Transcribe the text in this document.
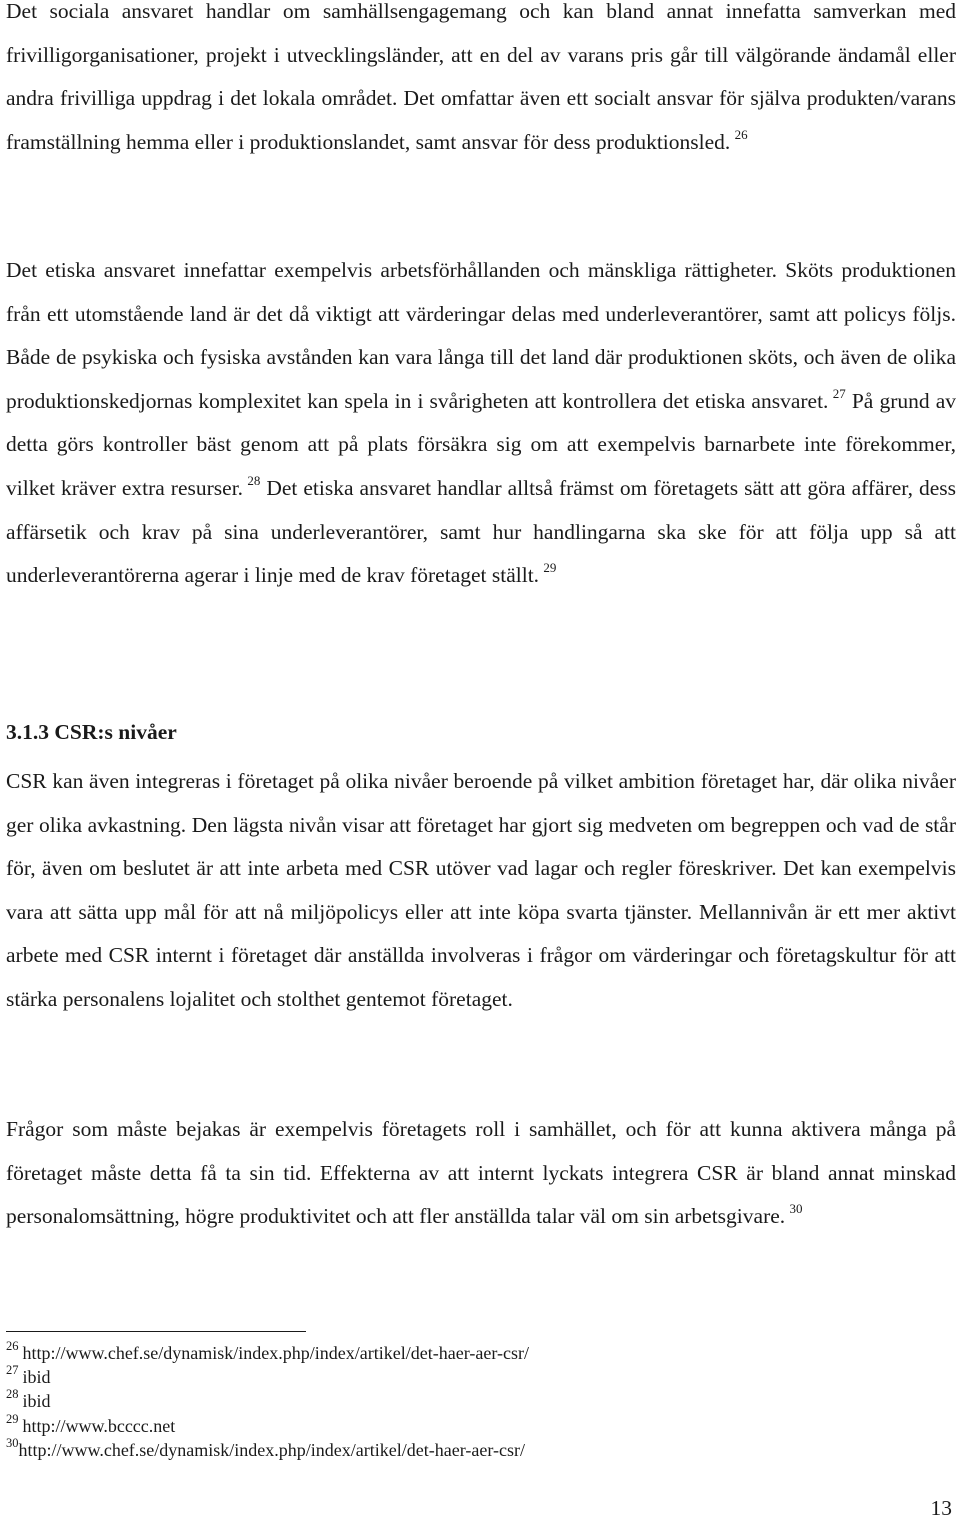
Det sociala ansvaret handlar om samhällsengagemang och kan bland annat innefatta samverkan med frivilligorganisationer, projekt i utvecklingsländer, att en del av varans pris går till välgörande ändamål eller andra frivilliga uppdrag i det lokala området. Det omfattar även ett socialt ansvar för själva produkten/varans framställning hemma eller i produktionslandet, samt ansvar för dess produktionsled.  $^{26}$

Det etiska ansvaret innefattar exempelvis arbetsförhållanden och mänskliga rättigheter. Sköts produktionen från ett utomstående land är det då viktigt att värderingar delas med underleverantörer, samt att policys följs. Både de psykiska och fysiska avstånden kan vara långa till det land där produktionen sköts, och även de olika produktionskedjornas komplexitet kan spela in i svårigheten att kontrollera det etiska ansvaret.  $^{27}$ På grund av detta görs kontroller bäst genom att på plats försäkra sig om att exempelvis barnarbete inte förekommer, vilket kräver extra resurser.  $^{28}$ Det etiska ansvaret handlar alltså främst om företagets sätt att göra affärer, dess affärsetik och krav på sina underleverantörer, samt hur handlingarna ska ske för att följa upp så att underleverantörerna agerar i linje med de krav företaget ställt.  $^{29}$

3.1.3 CSR:s nivåer

CSR kan även integreras i företaget på olika nivåer beroende på vilket ambition företaget har, där olika nivåer ger olika avkastning. Den lägsta nivån visar att företaget har gjort sig medveten om begreppen och vad de står för, även om beslutet är att inte arbeta med CSR utöver vad lagar och regler föreskriver. Det kan exempelvis vara att sätta upp mål för att nå miljöpolicys eller att inte köpa svarta tjänster. Mellannivån är ett mer aktivt arbete med CSR internt i företaget där anställda involveras i frågor om värderingar och företagskultur för att stärka personalens lojalitet och stolthet gentemot företaget.

Frågor som måste bejakas är exempelvis företagets roll i samhället, och för att kunna aktivera många på företaget måste detta få ta sin tid. Effekterna av att internt lyckats integrera CSR är bland annat minskad personalomsättning, högre produktivitet och att fler anställda talar väl om sin arbetsgivare.  $^{30}$

$^{26}$ http://www.chef.se/dynamisk/index.php/index/artikel/det-haer-aer-csr/
$^{27}$ ibid
$^{28}$ ibid
$^{29}$ http://www.bcccc.net
$^{30}$http://www.chef.se/dynamisk/index.php/index/artikel/det-haer-aer-csr/
13
